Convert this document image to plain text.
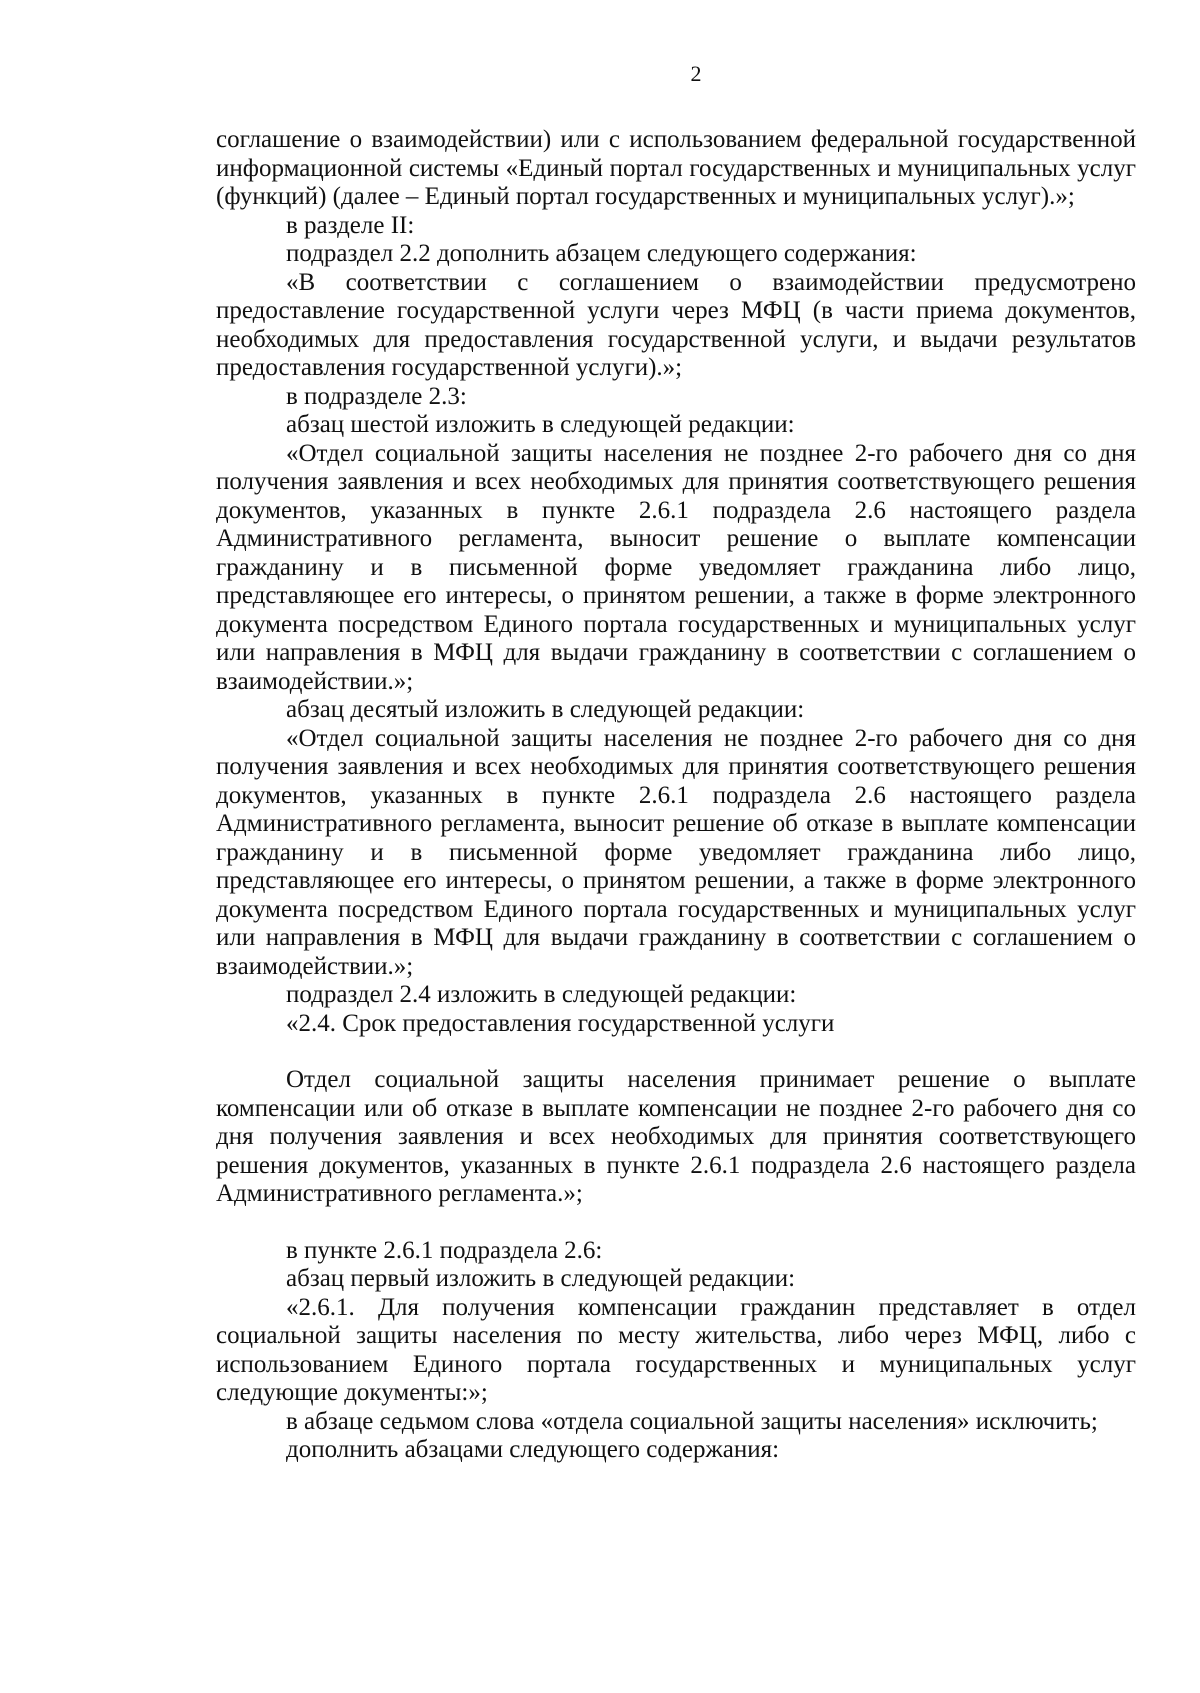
2

соглашение о взаимодействии) или с использованием федеральной государственной информационной системы «Единый портал государственных и муниципальных услуг (функций) (далее – Единый портал государственных и муниципальных услуг).»;

в разделе II:

подраздел 2.2 дополнить абзацем следующего содержания:

«В соответствии с соглашением о взаимодействии предусмотрено предоставление государственной услуги через МФЦ (в части приема документов, необходимых для предоставления государственной услуги, и выдачи результатов предоставления государственной услуги).»;

в подразделе 2.3:

абзац шестой изложить в следующей редакции:

«Отдел социальной защиты населения не позднее 2-го рабочего дня со дня получения заявления и всех необходимых для принятия соответствующего решения документов, указанных в пункте 2.6.1 подраздела 2.6 настоящего раздела Административного регламента, выносит решение о выплате компенсации гражданину и в письменной форме уведомляет гражданина либо лицо, представляющее его интересы, о принятом решении, а также в форме электронного документа посредством Единого портала государственных и муниципальных услуг или направления в МФЦ для выдачи гражданину в соответствии с соглашением о взаимодействии.»;

абзац десятый изложить в следующей редакции:

«Отдел социальной защиты населения не позднее 2-го рабочего дня со дня получения заявления и всех необходимых для принятия соответствующего решения документов, указанных в пункте 2.6.1 подраздела 2.6 настоящего раздела Административного регламента, выносит решение об отказе в выплате компенсации гражданину и в письменной форме уведомляет гражданина либо лицо, представляющее его интересы, о принятом решении, а также в форме электронного документа посредством Единого портала государственных и муниципальных услуг или направления в МФЦ для выдачи гражданину в соответствии с соглашением о взаимодействии.»;

подраздел 2.4 изложить в следующей редакции:

«2.4. Срок предоставления государственной услуги

Отдел социальной защиты населения принимает решение о выплате компенсации или об отказе в выплате компенсации не позднее 2-го рабочего дня со дня получения заявления и всех необходимых для принятия соответствующего решения документов, указанных в пункте 2.6.1 подраздела 2.6 настоящего раздела Административного регламента.»;

в пункте 2.6.1 подраздела 2.6:

абзац первый изложить в следующей редакции:

«2.6.1. Для получения компенсации гражданин представляет в отдел социальной защиты населения по месту жительства, либо через МФЦ, либо с использованием Единого портала государственных и муниципальных услуг следующие документы:»;

в абзаце седьмом слова «отдела социальной защиты населения» исключить;

дополнить абзацами следующего содержания:
